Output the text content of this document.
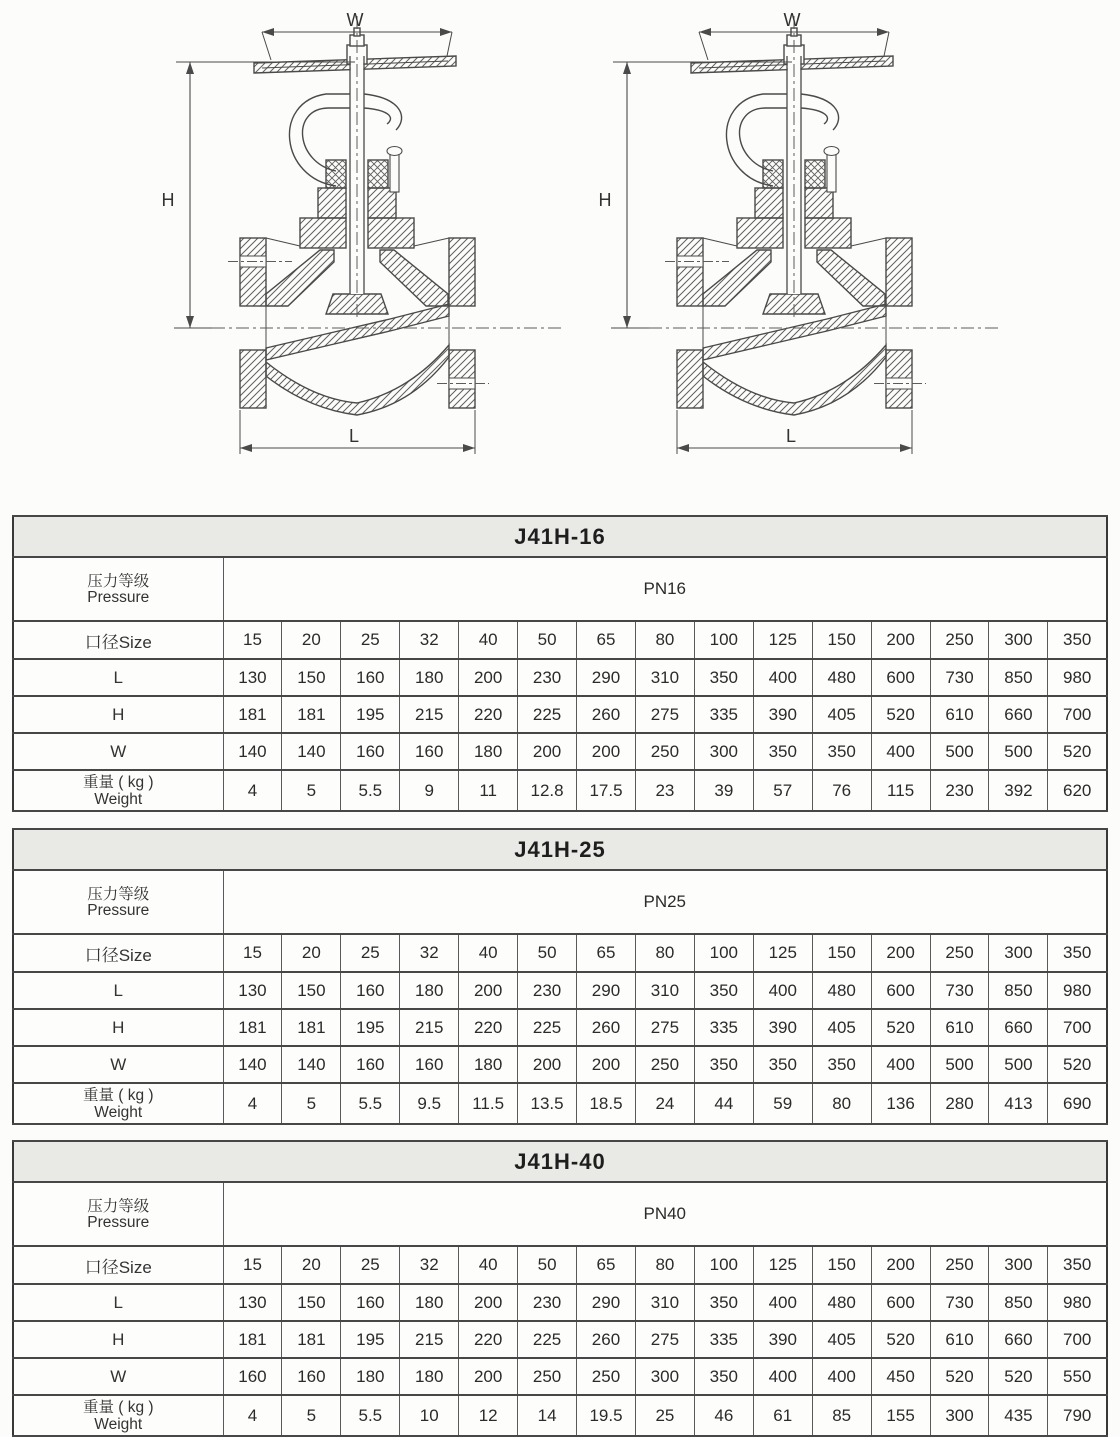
W
H
L
W
H
L
J41H-16															

压力等级
Pressure	PN16														
口径Size	15	20	25	32	40	50	65	80	100	125	150	200	250	300	350
L	130	150	160	180	200	230	290	310	350	400	480	600	730	850	980
H	181	181	195	215	220	225	260	275	335	390	405	520	610	660	700
W	140	140	160	160	180	200	200	250	300	350	350	400	500	500	520

重量 ( kg )
Weight	4	5	5.5	9	11	12.8	17.5	23	39	57	76	115	230	392	620
J41H-25															

压力等级
Pressure	PN25														
口径Size	15	20	25	32	40	50	65	80	100	125	150	200	250	300	350
L	130	150	160	180	200	230	290	310	350	400	480	600	730	850	980
H	181	181	195	215	220	225	260	275	335	390	405	520	610	660	700
W	140	140	160	160	180	200	200	250	350	350	350	400	500	500	520

重量 ( kg )
Weight	4	5	5.5	9.5	11.5	13.5	18.5	24	44	59	80	136	280	413	690
J41H-40															

压力等级
Pressure	PN40														
口径Size	15	20	25	32	40	50	65	80	100	125	150	200	250	300	350
L	130	150	160	180	200	230	290	310	350	400	480	600	730	850	980
H	181	181	195	215	220	225	260	275	335	390	405	520	610	660	700
W	160	160	180	180	200	250	250	300	350	400	400	450	520	520	550

重量 ( kg )
Weight	4	5	5.5	10	12	14	19.5	25	46	61	85	155	300	435	790
